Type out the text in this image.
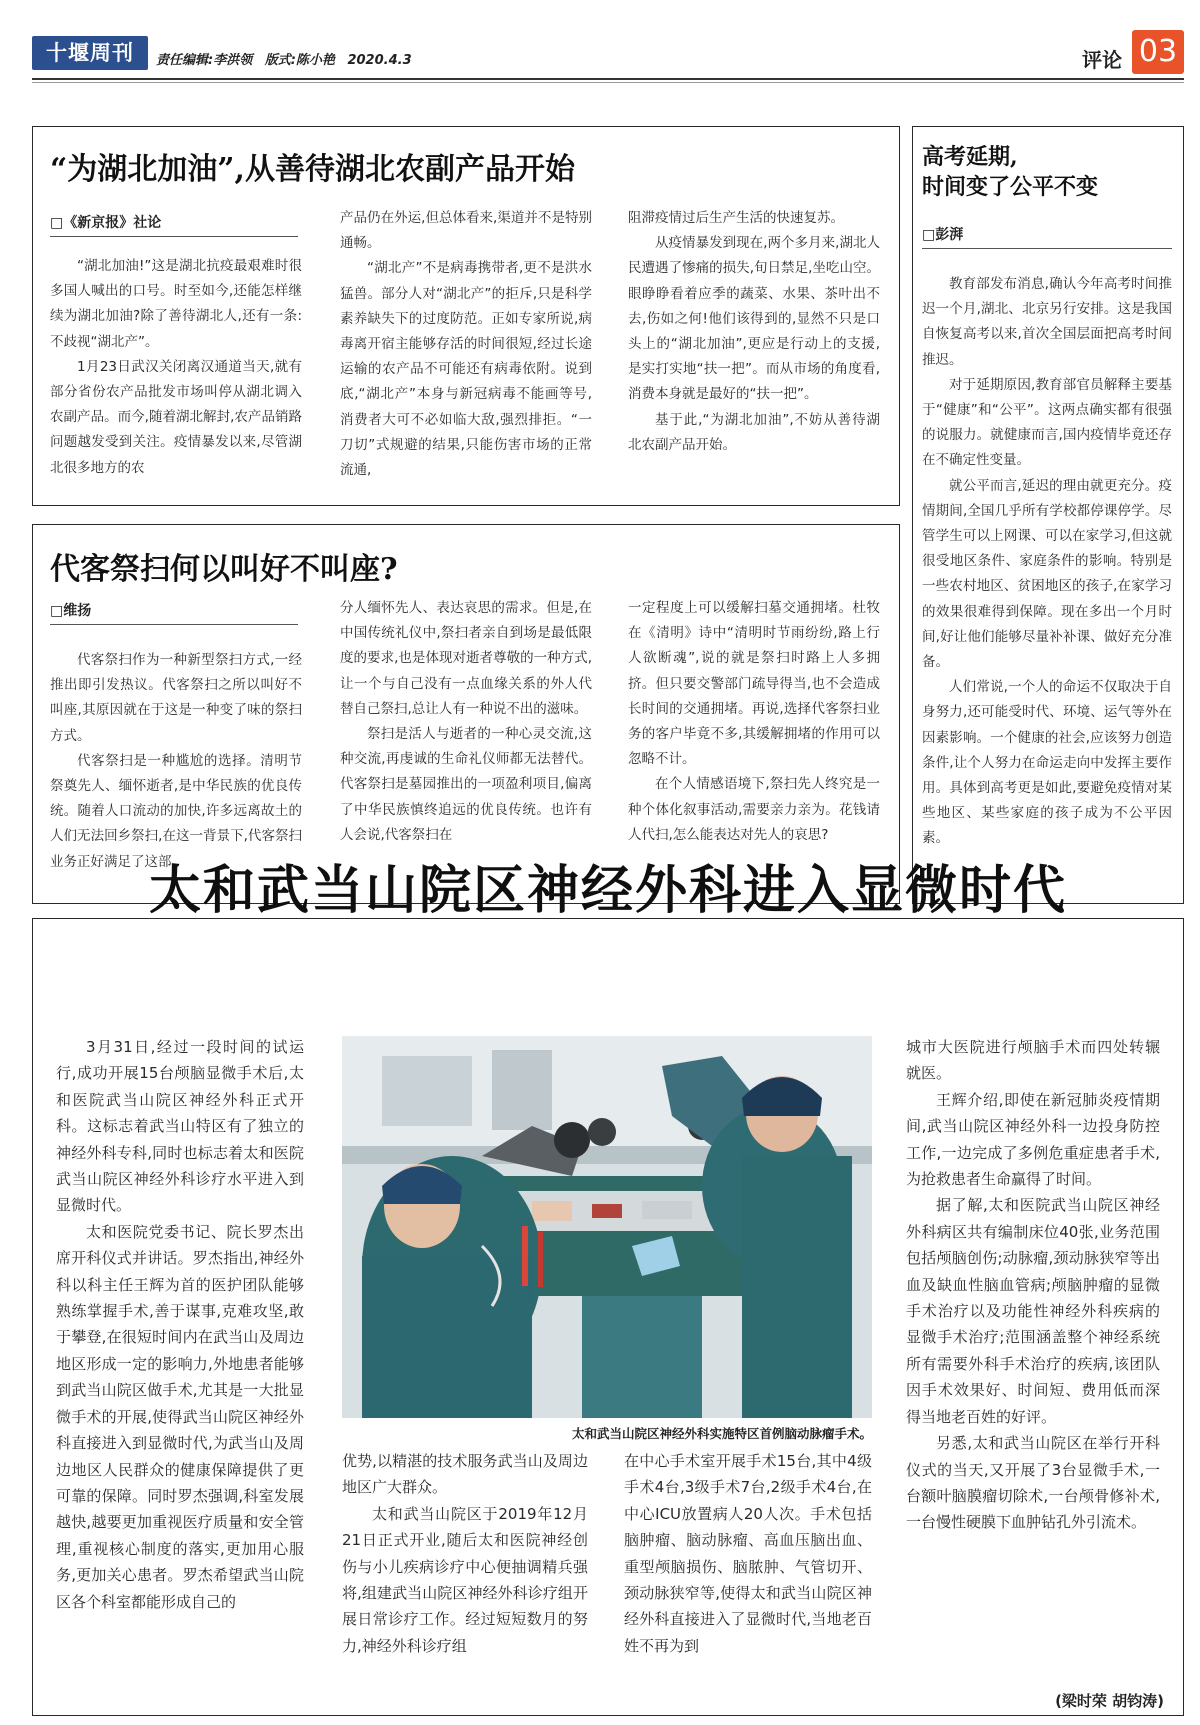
十堰周刊	责任编辑:李洪领 版式:陈小艳 2020.4.3	评论 03
“为湖北加油”,从善待湖北农副产品开始
□《新京报》社论

“湖北加油!”这是湖北抗疫最艰难时很多国人喊出的口号。时至如今,还能怎样继续为湖北加油?除了善待湖北人,还有一条:不歧视“湖北产”。

1月23日武汉关闭离汉通道当天,就有部分省份农产品批发市场叫停从湖北调入农副产品。而今,随着湖北解封,农产品销路问题越发受到关注。疫情暴发以来,尽管湖北很多地方的农

产品仍在外运,但总体看来,渠道并不是特别通畅。

“湖北产”不是病毒携带者,更不是洪水猛兽。部分人对“湖北产”的拒斥,只是科学素养缺失下的过度防范。正如专家所说,病毒离开宿主能够存活的时间很短,经过长途运输的农产品不可能还有病毒依附。说到底,“湖北产”本身与新冠病毒不能画等号,消费者大可不必如临大敌,强烈排拒。“一刀切”式规避的结果,只能伤害市场的正常流通,

阻滞疫情过后生产生活的快速复苏。

从疫情暴发到现在,两个多月来,湖北人民遭遇了惨痛的损失,旬日禁足,坐吃山空。眼睁睁看着应季的蔬菜、水果、茶叶出不去,伤如之何!他们该得到的,显然不只是口头上的“湖北加油”,更应是行动上的支援,是实打实地“扶一把”。而从市场的角度看,消费本身就是最好的“扶一把”。

基于此,“为湖北加油”,不妨从善待湖北农副产品开始。

代客祭扫何以叫好不叫座?
□维扬

代客祭扫作为一种新型祭扫方式,一经推出即引发热议。代客祭扫之所以叫好不叫座,其原因就在于这是一种变了味的祭扫方式。

代客祭扫是一种尴尬的选择。清明节祭奠先人、缅怀逝者,是中华民族的优良传统。随着人口流动的加快,许多远离故土的人们无法回乡祭扫,在这一背景下,代客祭扫业务正好满足了这部

分人缅怀先人、表达哀思的需求。但是,在中国传统礼仪中,祭扫者亲自到场是最低限度的要求,也是体现对逝者尊敬的一种方式,让一个与自己没有一点血缘关系的外人代替自己祭扫,总让人有一种说不出的滋味。

祭扫是活人与逝者的一种心灵交流,这种交流,再虔诚的生命礼仪师都无法替代。代客祭扫是墓园推出的一项盈利项目,偏离了中华民族慎终追远的优良传统。也许有人会说,代客祭扫在

一定程度上可以缓解扫墓交通拥堵。杜牧在《清明》诗中“清明时节雨纷纷,路上行人欲断魂”,说的就是祭扫时路上人多拥挤。但只要交警部门疏导得当,也不会造成长时间的交通拥堵。再说,选择代客祭扫业务的客户毕竟不多,其缓解拥堵的作用可以忽略不计。

在个人情感语境下,祭扫先人终究是一种个体化叙事活动,需要亲力亲为。花钱请人代扫,怎么能表达对先人的哀思?

高考延期,
时间变了公平不变
□彭湃

教育部发布消息,确认今年高考时间推迟一个月,湖北、北京另行安排。这是我国自恢复高考以来,首次全国层面把高考时间推迟。

对于延期原因,教育部官员解释主要基于“健康”和“公平”。这两点确实都有很强的说服力。就健康而言,国内疫情毕竟还存在不确定性变量。

就公平而言,延迟的理由就更充分。疫情期间,全国几乎所有学校都停课停学。尽管学生可以上网课、可以在家学习,但这就很受地区条件、家庭条件的影响。特别是一些农村地区、贫困地区的孩子,在家学习的效果很难得到保障。现在多出一个月时间,好让他们能够尽量补补课、做好充分准备。

人们常说,一个人的命运不仅取决于自身努力,还可能受时代、环境、运气等外在因素影响。一个健康的社会,应该努力创造条件,让个人努力在命运走向中发挥主要作用。具体到高考更是如此,要避免疫情对某些地区、某些家庭的孩子成为不公平因素。

太和武当山院区神经外科进入显微时代

3月31日,经过一段时间的试运行,成功开展15台颅脑显微手术后,太和医院武当山院区神经外科正式开科。这标志着武当山特区有了独立的神经外科专科,同时也标志着太和医院武当山院区神经外科诊疗水平进入到显微时代。

太和医院党委书记、院长罗杰出席开科仪式并讲话。罗杰指出,神经外科以科主任王辉为首的医护团队能够熟练掌握手术,善于谋事,克难攻坚,敢于攀登,在很短时间内在武当山及周边地区形成一定的影响力,外地患者能够到武当山院区做手术,尤其是一大批显微手术的开展,使得武当山院区神经外科直接进入到显微时代,为武当山及周边地区人民群众的健康保障提供了更可靠的保障。同时罗杰强调,科室发展越快,越要更加重视医疗质量和安全管理,重视核心制度的落实,更加用心服务,更加关心患者。罗杰希望武当山院区各个科室都能形成自己的

太和武当山院区神经外科实施特区首例脑动脉瘤手术。

优势,以精湛的技术服务武当山及周边地区广大群众。

太和武当山院区于2019年12月21日正式开业,随后太和医院神经创伤与小儿疾病诊疗中心便抽调精兵强将,组建武当山院区神经外科诊疗组开展日常诊疗工作。经过短短数月的努力,神经外科诊疗组

在中心手术室开展手术15台,其中4级手术4台,3级手术7台,2级手术4台,在中心ICU放置病人20人次。手术包括脑肿瘤、脑动脉瘤、高血压脑出血、重型颅脑损伤、脑脓肿、气管切开、颈动脉狭窄等,使得太和武当山院区神经外科直接进入了显微时代,当地老百姓不再为到

城市大医院进行颅脑手术而四处转辗就医。

王辉介绍,即使在新冠肺炎疫情期间,武当山院区神经外科一边投身防控工作,一边完成了多例危重症患者手术,为抢救患者生命赢得了时间。

据了解,太和医院武当山院区神经外科病区共有编制床位40张,业务范围包括颅脑创伤;动脉瘤,颈动脉狭窄等出血及缺血性脑血管病;颅脑肿瘤的显微手术治疗以及功能性神经外科疾病的显微手术治疗;范围涵盖整个神经系统所有需要外科手术治疗的疾病,该团队因手术效果好、时间短、费用低而深得当地老百姓的好评。

另悉,太和武当山院区在举行开科仪式的当天,又开展了3台显微手术,一台额叶脑膜瘤切除术,一台颅骨修补术,一台慢性硬膜下血肿钻孔外引流术。

(梁时荣 胡钧涛)
